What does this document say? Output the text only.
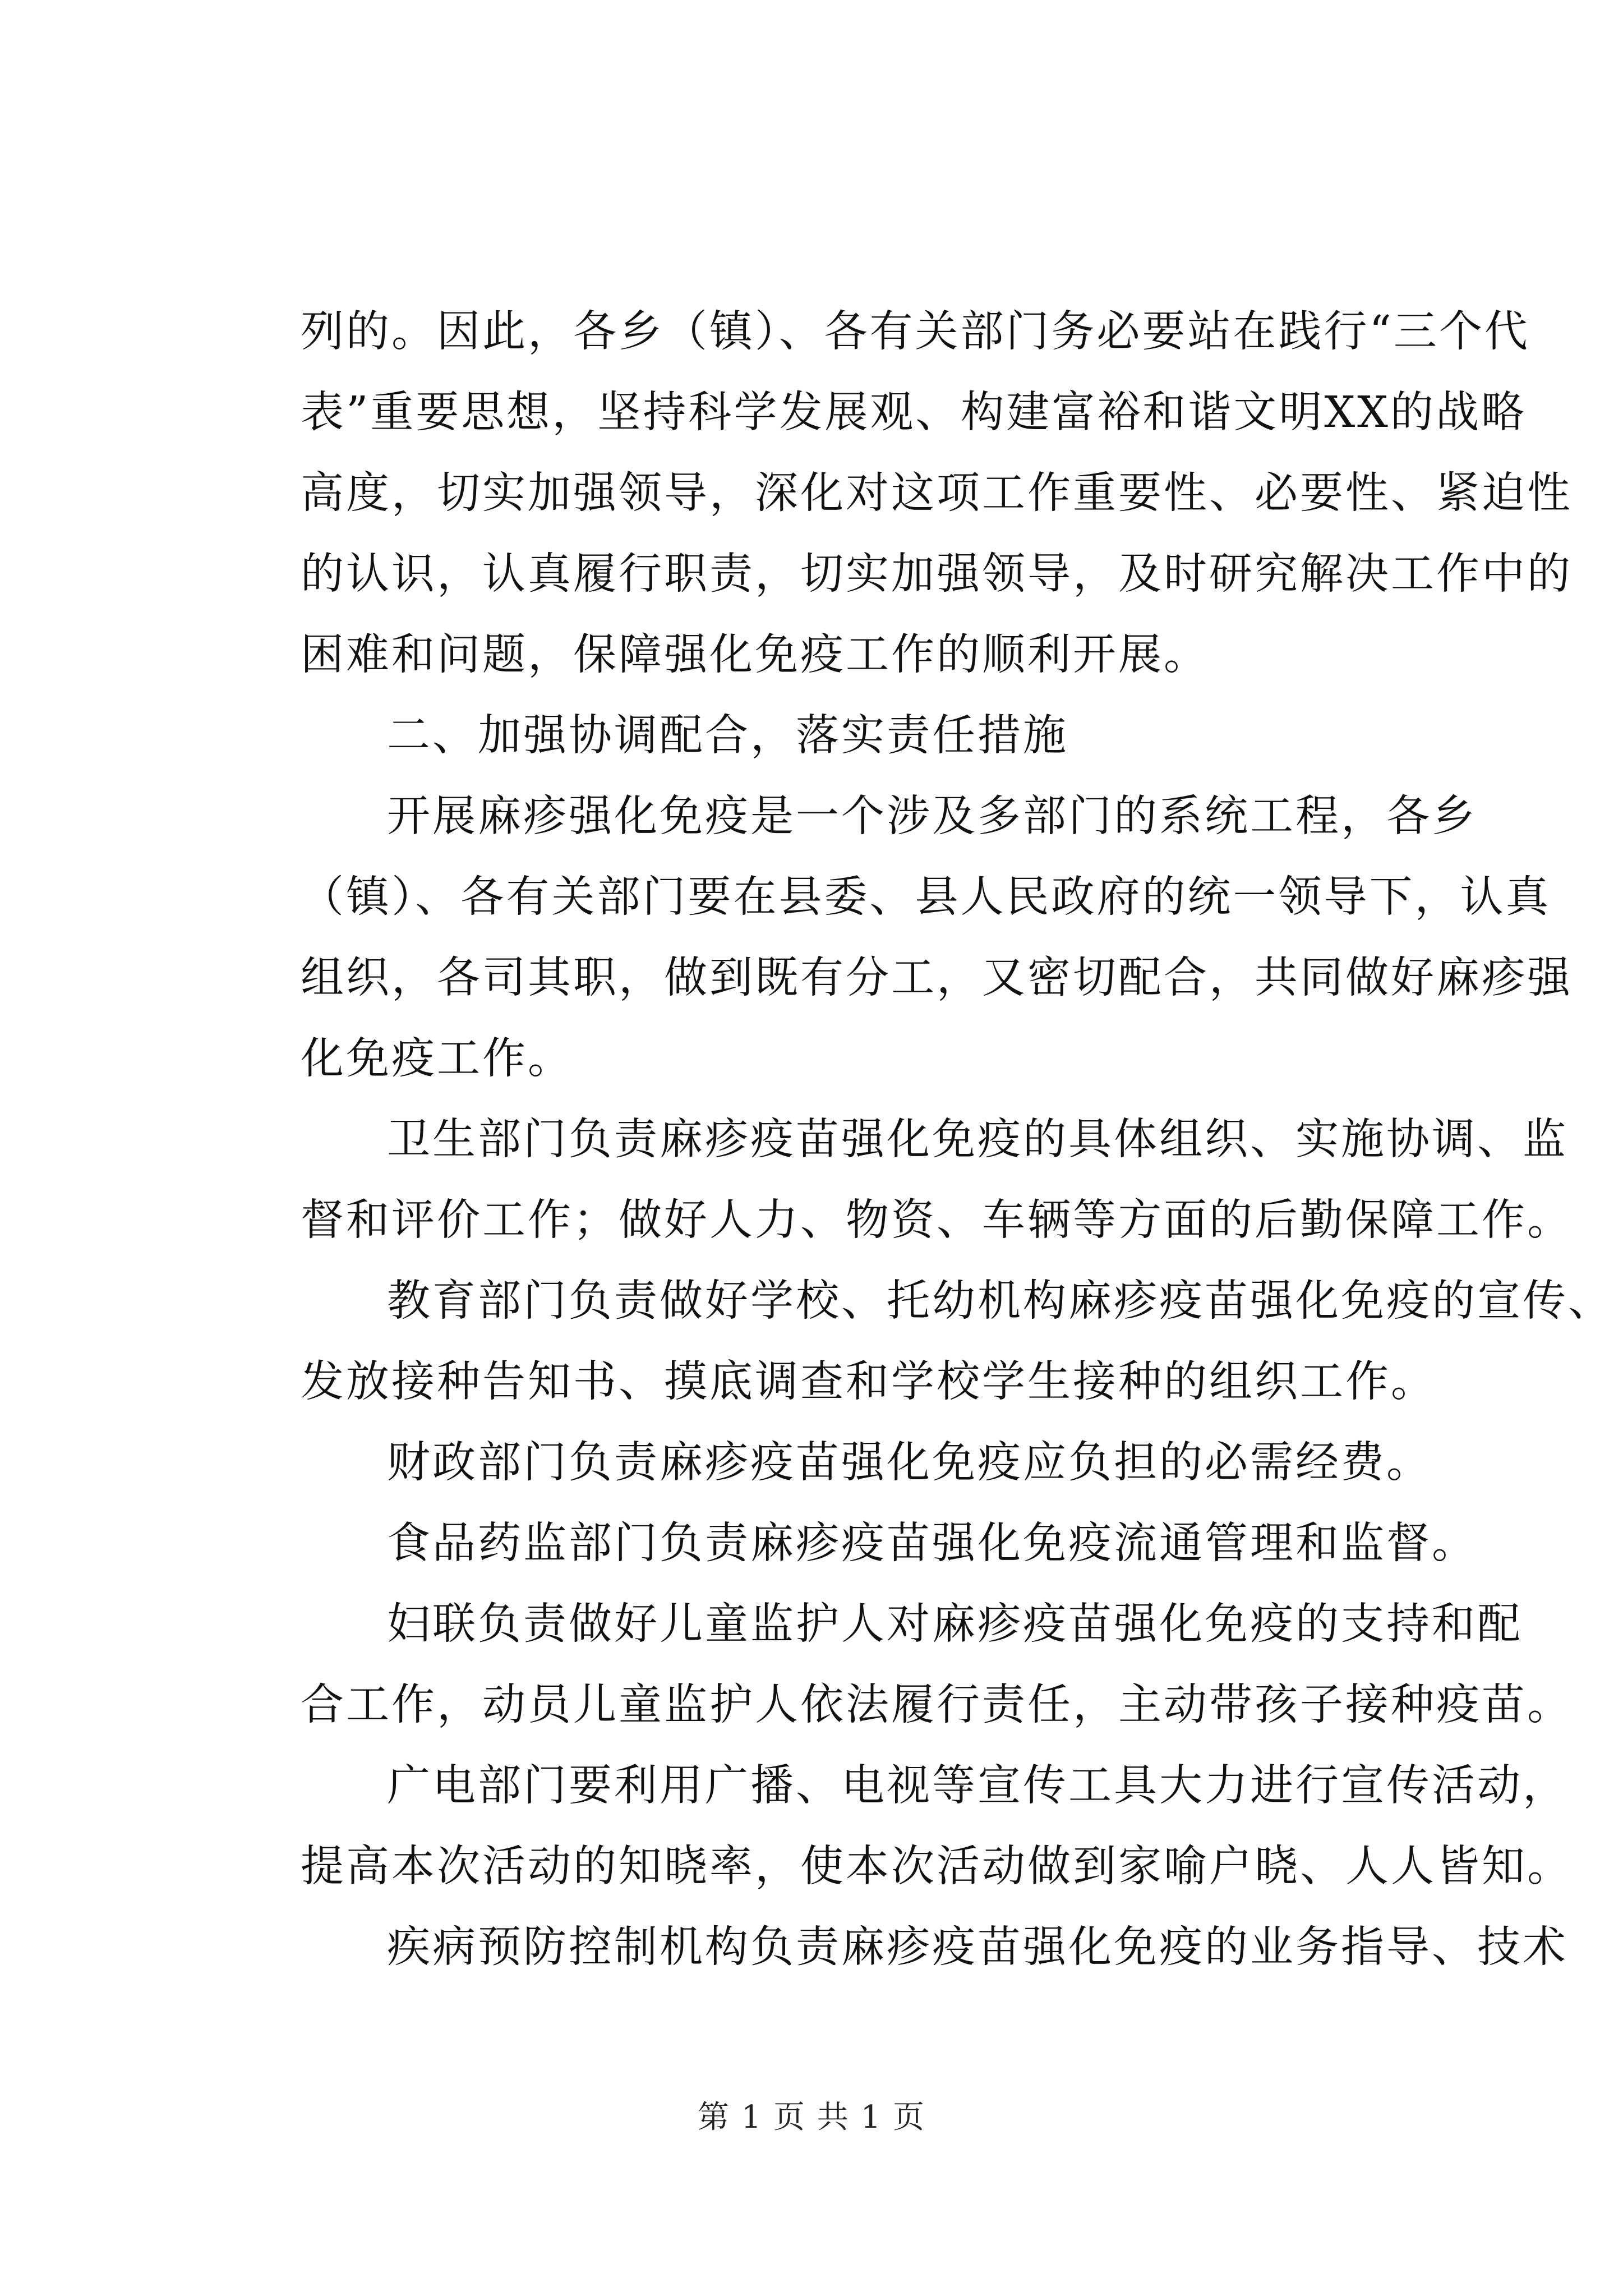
列的。因此，各乡（镇）、各有关部门务必要站在践行“三个代
表”重要思想，坚持科学发展观、构建富裕和谐文明XX的战略
高度，切实加强领导，深化对这项工作重要性、必要性、紧迫性
的认识，认真履行职责，切实加强领导，及时研究解决工作中的
困难和问题，保障强化免疫工作的顺利开展。
二、加强协调配合，落实责任措施
开展麻疹强化免疫是一个涉及多部门的系统工程，各乡
（镇）、各有关部门要在县委、县人民政府的统一领导下，认真
组织，各司其职，做到既有分工，又密切配合，共同做好麻疹强
化免疫工作。
卫生部门负责麻疹疫苗强化免疫的具体组织、实施协调、监
督和评价工作；做好人力、物资、车辆等方面的后勤保障工作。
教育部门负责做好学校、托幼机构麻疹疫苗强化免疫的宣传、
发放接种告知书、摸底调查和学校学生接种的组织工作。
财政部门负责麻疹疫苗强化免疫应负担的必需经费。
食品药监部门负责麻疹疫苗强化免疫流通管理和监督。
妇联负责做好儿童监护人对麻疹疫苗强化免疫的支持和配
合工作，动员儿童监护人依法履行责任，主动带孩子接种疫苗。
广电部门要利用广播、电视等宣传工具大力进行宣传活动，
提高本次活动的知晓率，使本次活动做到家喻户晓、人人皆知。
疾病预防控制机构负责麻疹疫苗强化免疫的业务指导、技术
第 1 页 共 1 页
